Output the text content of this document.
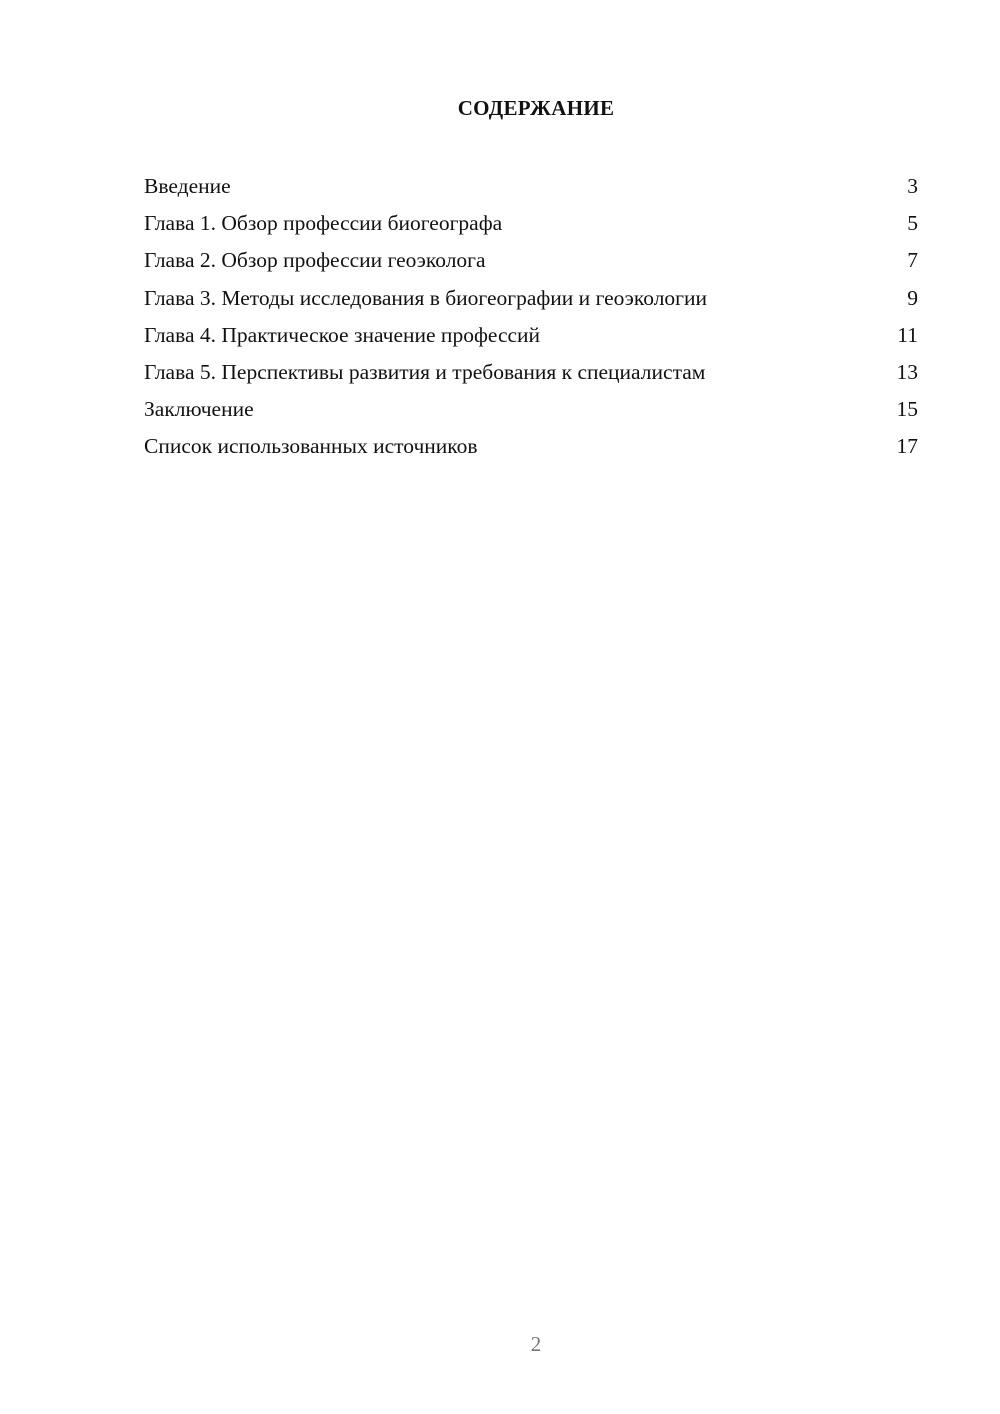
СОДЕРЖАНИЕ
Введение	3
Глава 1. Обзор профессии биогеографа	5
Глава 2. Обзор профессии геоэколога	7
Глава 3. Методы исследования в биогеографии и геоэкологии	9
Глава 4. Практическое значение профессий	11
Глава 5. Перспективы развития и требования к специалистам	13
Заключение	15
Список использованных источников	17
2
